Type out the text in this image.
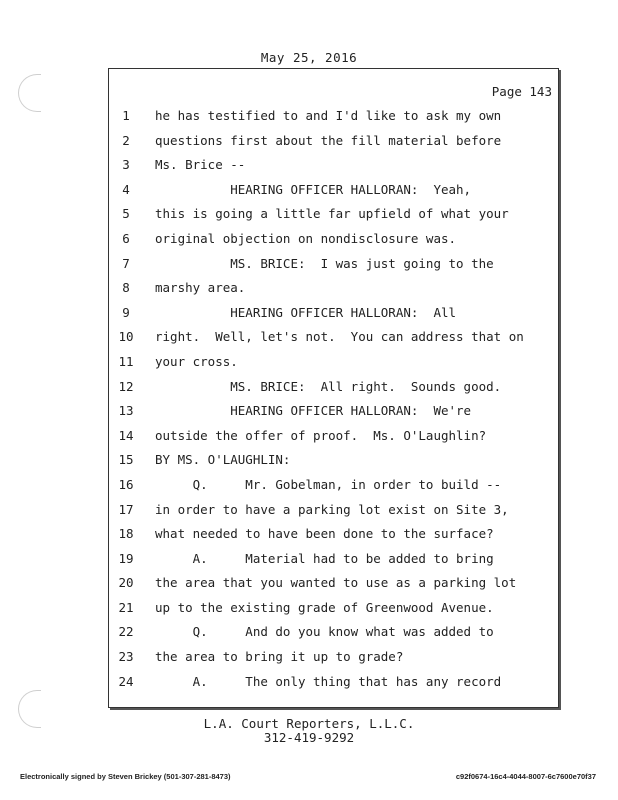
May 25, 2016
Page 143
1	he has testified to and I'd like to ask my own
2	questions first about the fill material before
3	Ms. Brice --
4	HEARING OFFICER HALLORAN:  Yeah,
5	this is going a little far upfield of what your
6	original objection on nondisclosure was.
7	MS. BRICE:  I was just going to the
8	marshy area.
9	HEARING OFFICER HALLORAN:  All
10	right.  Well, let's not.  You can address that on
11	your cross.
12	MS. BRICE:  All right.  Sounds good.
13	HEARING OFFICER HALLORAN:  We're
14	outside the offer of proof.  Ms. O'Laughlin?
15	BY MS. O'LAUGHLIN:
16	Q.     Mr. Gobelman, in order to build --
17	in order to have a parking lot exist on Site 3,
18	what needed to have been done to the surface?
19	A.     Material had to be added to bring
20	the area that you wanted to use as a parking lot
21	up to the existing grade of Greenwood Avenue.
22	Q.     And do you know what was added to
23	the area to bring it up to grade?
24	A.     The only thing that has any record
L.A. Court Reporters, L.L.C.
312-419-9292
Electronically signed by Steven Brickey (501-307-281-8473)	c92f0674-16c4-4044-8007-6c7600e70f37
